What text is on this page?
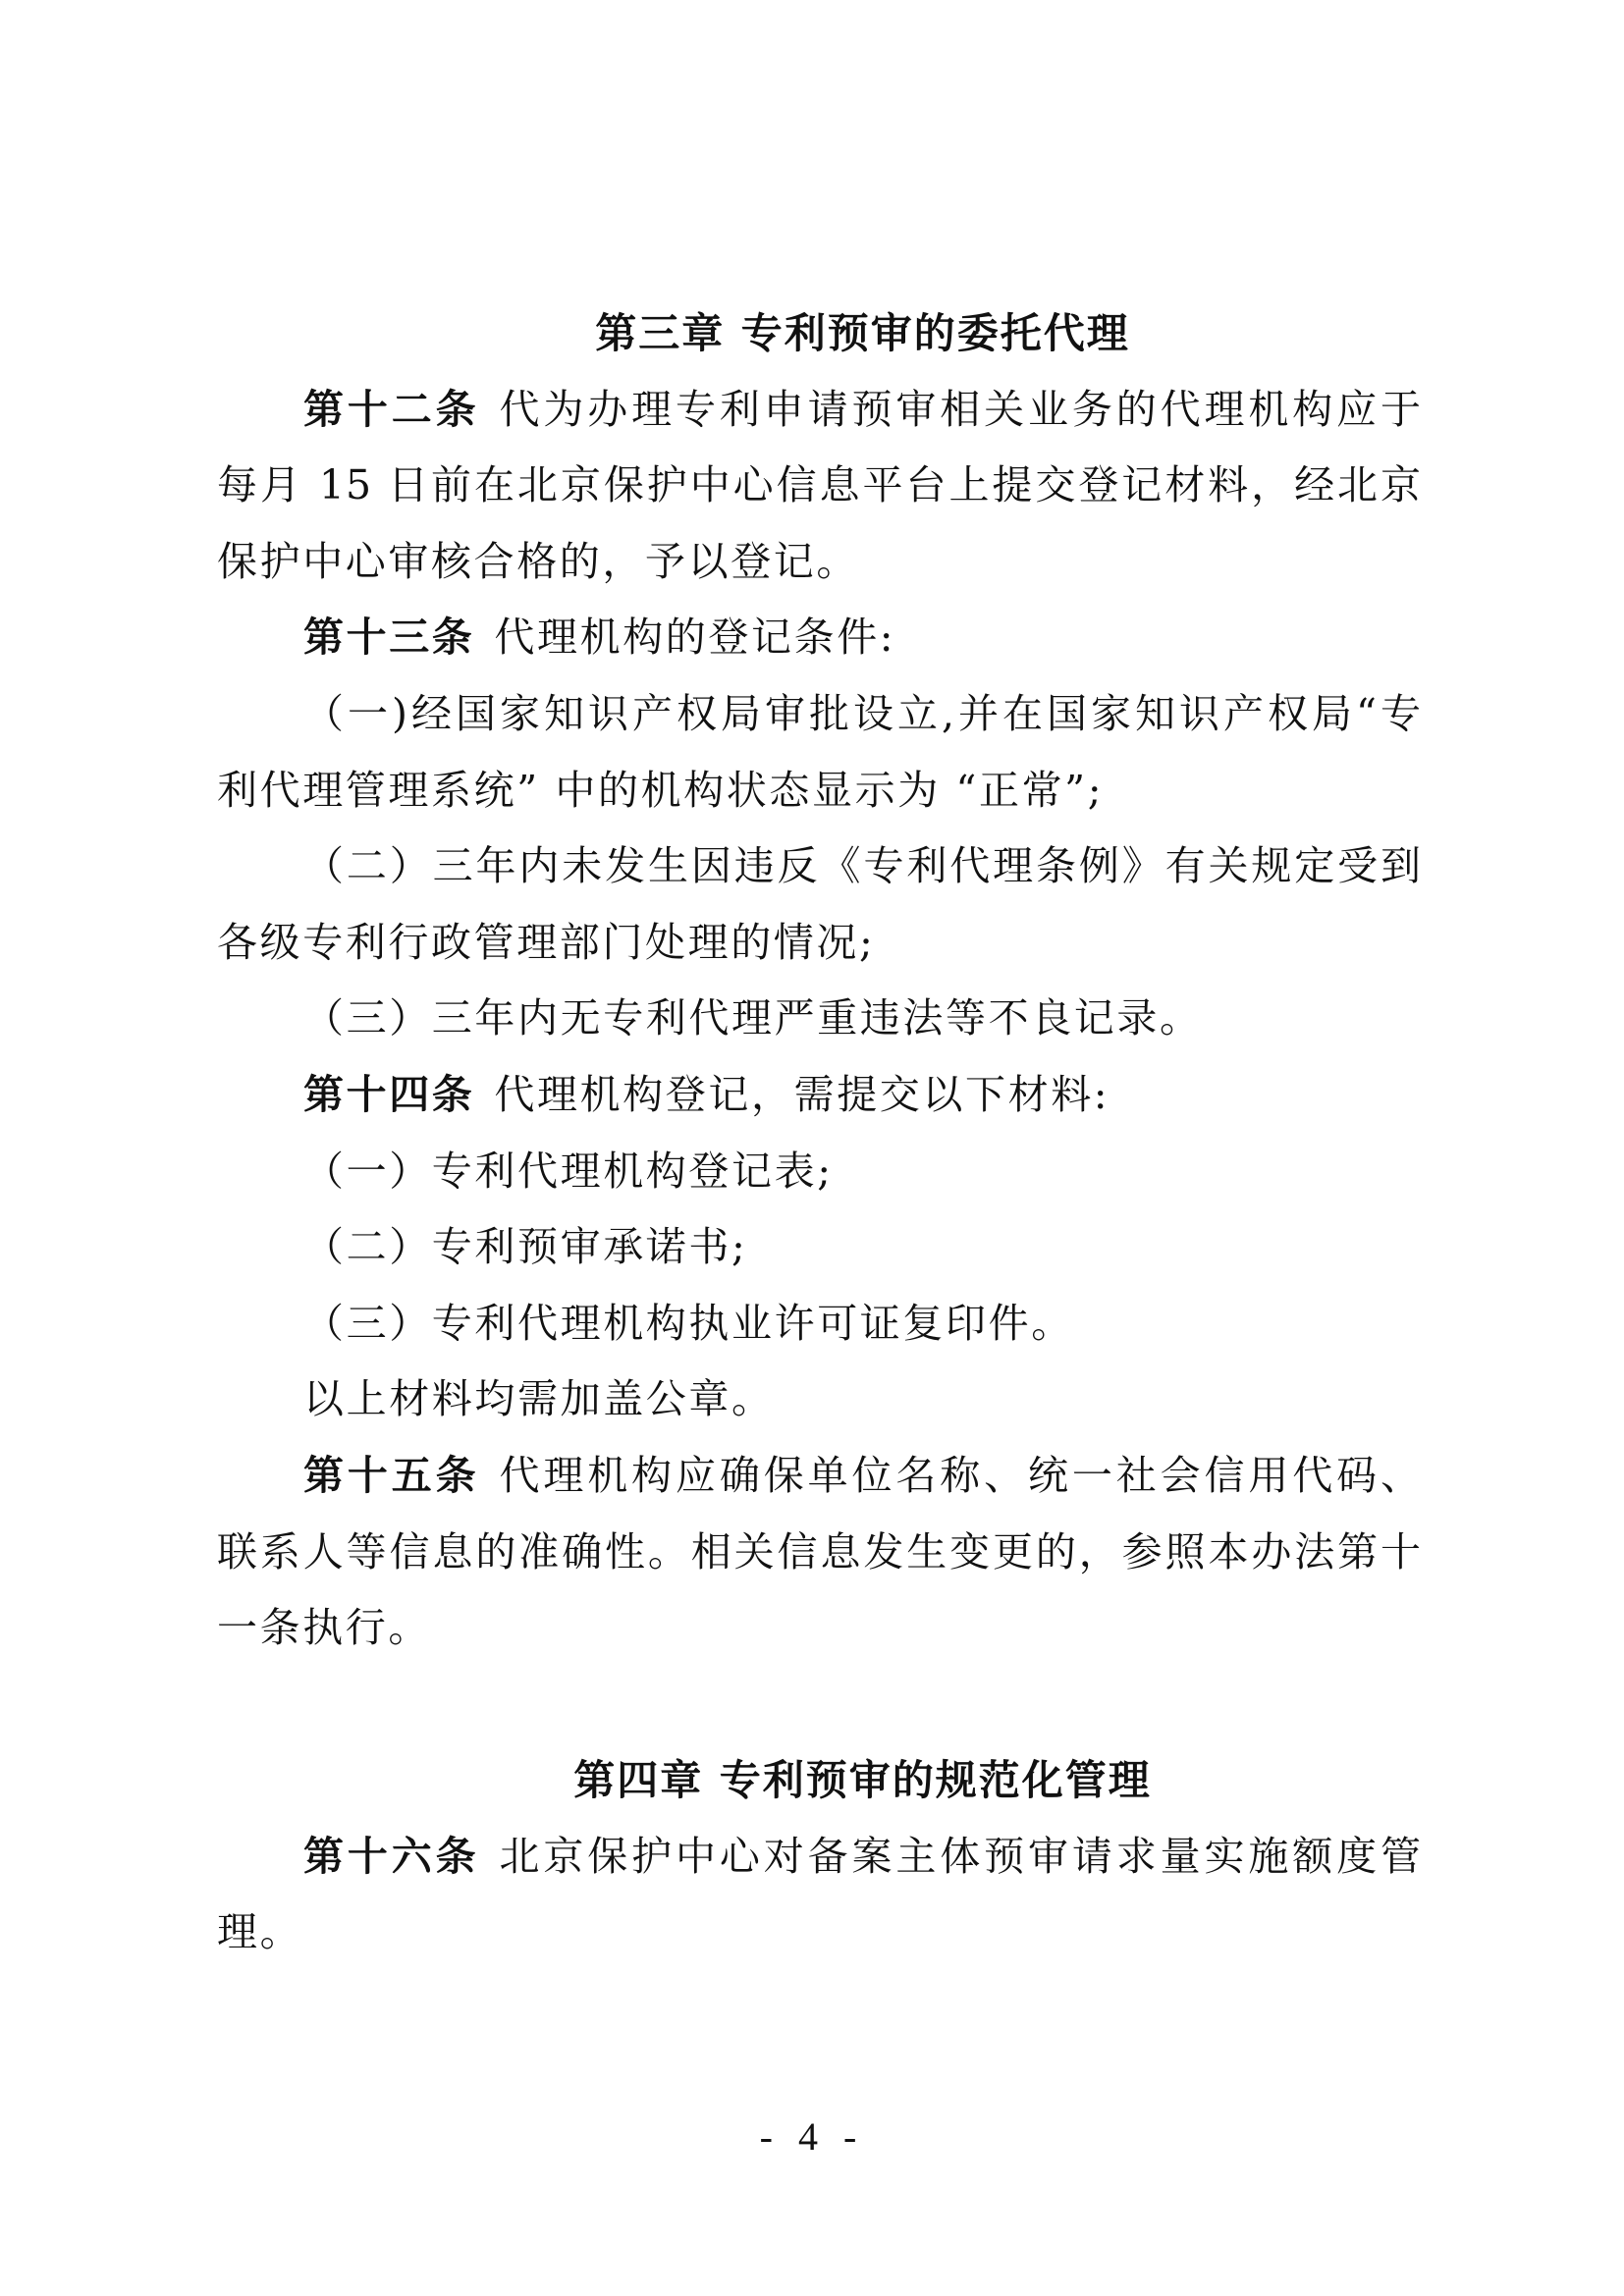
第三章 专利预审的委托代理
第十二条 代为办理专利申请预审相关业务的代理机构应于
每月 15 日前在北京保护中心信息平台上提交登记材料，经北京
保护中心审核合格的，予以登记。
第十三条 代理机构的登记条件:
（一)经国家知识产权局审批设立,并在国家知识产权局“专
利代理管理系统” 中的机构状态显示为 “正常”;
（二）三年内未发生因违反《专利代理条例》有关规定受到
各级专利行政管理部门处理的情况;
（三）三年内无专利代理严重违法等不良记录。
第十四条 代理机构登记，需提交以下材料:
（一）专利代理机构登记表;
（二）专利预审承诺书;
（三）专利代理机构执业许可证复印件。
以上材料均需加盖公章。
第十五条 代理机构应确保单位名称、统一社会信用代码、
联系人等信息的准确性。相关信息发生变更的，参照本办法第十
一条执行。
第四章 专利预审的规范化管理
第十六条 北京保护中心对备案主体预审请求量实施额度管
理。
- 4 -
